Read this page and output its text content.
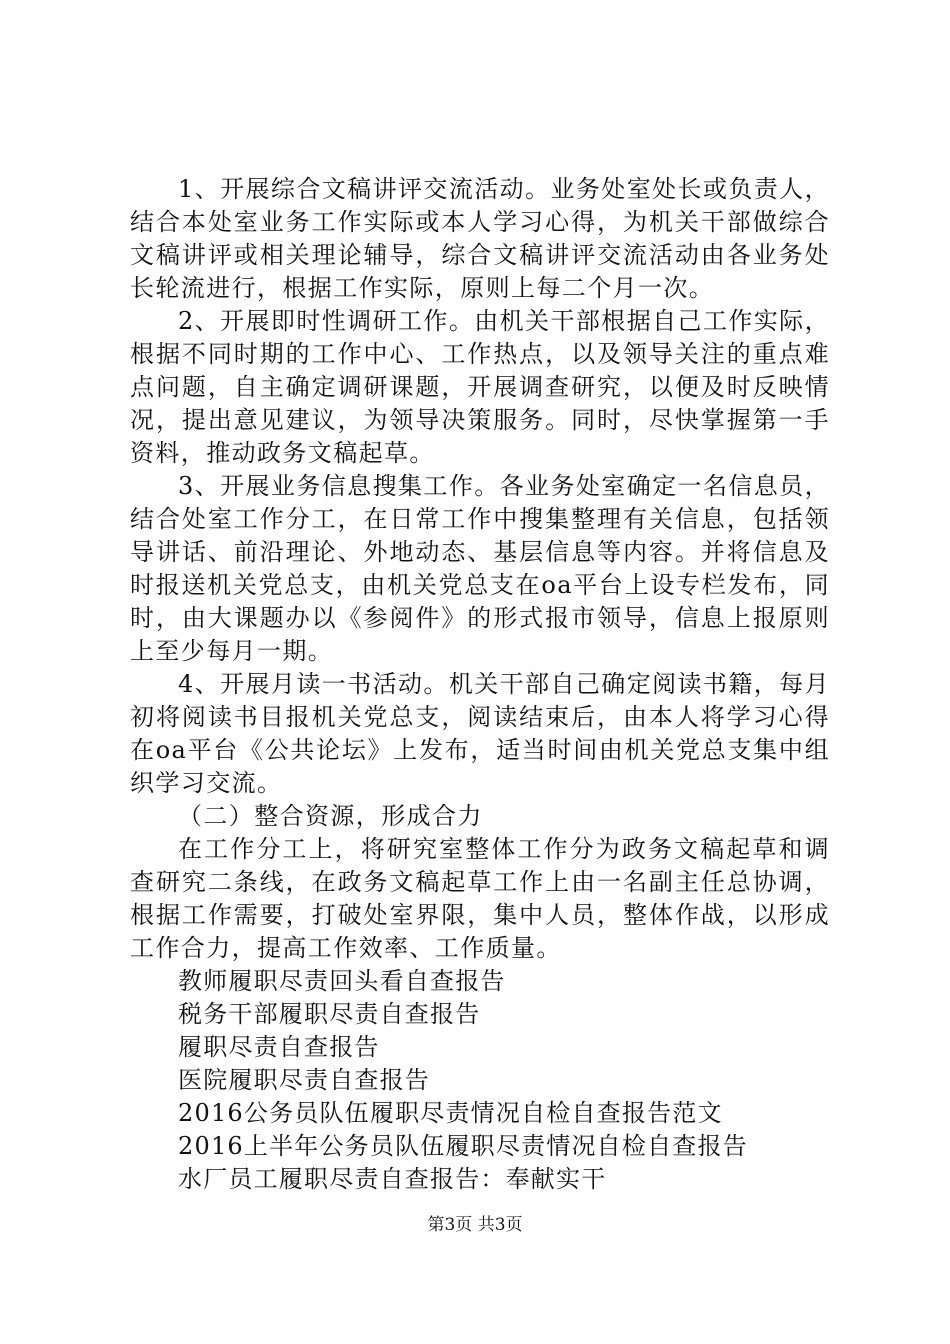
1、开展综合文稿讲评交流活动。业务处室处长或负责人，结合本处室业务工作实际或本人学习心得，为机关干部做综合文稿讲评或相关理论辅导，综合文稿讲评交流活动由各业务处长轮流进行，根据工作实际，原则上每二个月一次。

2、开展即时性调研工作。由机关干部根据自己工作实际，根据不同时期的工作中心、工作热点，以及领导关注的重点难点问题，自主确定调研课题，开展调查研究，以便及时反映情况，提出意见建议，为领导决策服务。同时，尽快掌握第一手资料，推动政务文稿起草。

3、开展业务信息搜集工作。各业务处室确定一名信息员，结合处室工作分工，在日常工作中搜集整理有关信息，包括领导讲话、前沿理论、外地动态、基层信息等内容。并将信息及时报送机关党总支，由机关党总支在oa平台上设专栏发布，同时，由大课题办以《参阅件》的形式报市领导，信息上报原则上至少每月一期。

4、开展月读一书活动。机关干部自己确定阅读书籍，每月初将阅读书目报机关党总支，阅读结束后，由本人将学习心得在oa平台《公共论坛》上发布，适当时间由机关党总支集中组织学习交流。

（二）整合资源，形成合力

在工作分工上，将研究室整体工作分为政务文稿起草和调查研究二条线，在政务文稿起草工作上由一名副主任总协调，根据工作需要，打破处室界限，集中人员，整体作战，以形成工作合力，提高工作效率、工作质量。

教师履职尽责回头看自查报告
税务干部履职尽责自查报告
履职尽责自查报告
医院履职尽责自查报告
2016公务员队伍履职尽责情况自检自查报告范文
2016上半年公务员队伍履职尽责情况自检自查报告
水厂员工履职尽责自查报告：奉献实干
第3页 共3页
